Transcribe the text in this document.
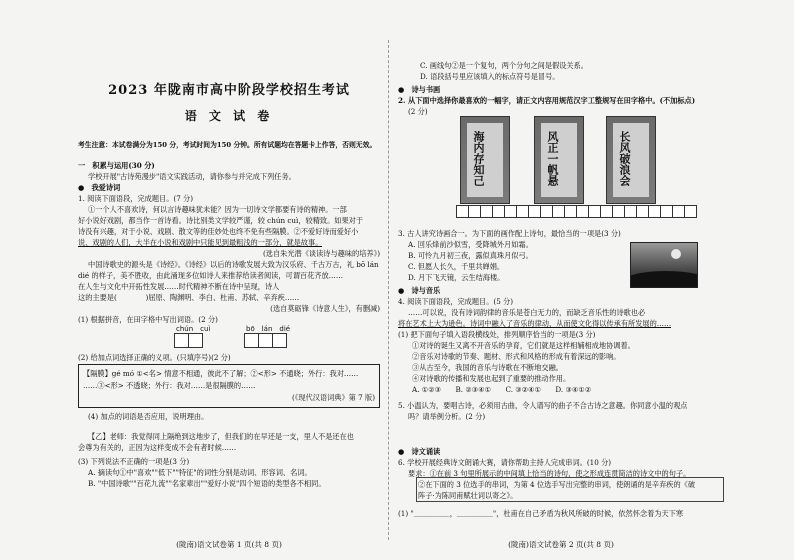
2023 年陇南市高中阶段学校招生考试
语 文 试 卷
考生注意：本试卷满分为150 分，考试时间为150 分钟。所有试题均在答题卡上作答，否则无效。
一　积累与运用(30 分)
学校开展"古诗苑漫步"语文实践活动，请你参与并完成下列任务。
●　我爱诗词
1. 阅读下面语段，完成题目。(7 分)
①一个人不喜欢诗，何以言诗趣味犹未能？因为一切诗文学都要有诗的精神。一部
好小说好戏剧，都当作一首诗看。诗比别类文学较严谨，较 chún cuì，较精致。如果对于
诗没有兴趣，对于小说、戏剧、散文等的佳妙处也终不免有些隔膜。②不爱好诗而爱好小
说、戏剧的人们，大半在小说和戏剧中只能见到最粗浅的一部分，就是故事。
(选自朱光潜《谈读诗与趣味的培养》)
中国诗歌史的源头是《诗经》。《诗经》以后的诗歌发展大致为汉乐府、千古万古，礼 bō lán
dié 的样子，美不胜收，由此涌现多位如诗人来推荐给读者阅读，可谓百花齐放……
在人生与文化中开拓性发展……时代精神不断在诗中呈现，诗人
这的主要是(　　　　)屈原、陶渊明、李白、杜甫、苏轼、辛弃疾……
(选自莫砺锋《诗意人生》，有删减)
(1) 根据拼音，在田字格中写出词语。(2 分)
chún　cuì	bō　lán　dié
(2) 给加点词选择正确的义项。(只填序号)(2 分)
【隔膜】gé mó ①<名> 情意不相通，彼此不了解；②<形> 不通晓；外行：我对……
……③<形> 不透晓；外行：我对……是很隔膜的……
(《现代汉语词典》第 7 版)
(4) 加点的词语是否应用，说明理由。
【乙】老师：我觉得同上隔绝到这地步了，但我们的在早还是一支，里人不是还在也
会尊为有关的，正因为这样变成不会有者时候……
(3) 下列说法不正确的一项是(3 分)
A. 摘读句①中"喜欢""低下""特征"的词性分别是动词、形容词、名词。
B. "中国诗歌""百花九流""名家辈出""爱好小说"四个短语的类型各不相同。
(陇南)语文试卷第 1 页(共 8 页)
C. 画线句②是一个复句，两个分句之间是假设关系。
D. 语段括号里应该填入的标点符号是冒号。
●　诗与书画
2. 从下面中选择你最喜欢的一幅字，请正文内容用规范汉字工整规写在田字格中。(不加标点)
(2 分)
海内存知己	风正一帆悬	长风破浪会
3. 古人讲究诗画合一。为下面的画作配上诗句，最恰当的一项是(3 分)
A. 回乐烽前沙似雪，受降城外月如霜。
B. 可怜九月初三夜，露似真珠月似弓。
C. 但愿人长久，千里共婵娟。
D. 月下飞天镜，云生结海楼。
●　诗与音乐
4. 阅读下面语段，完成题目。(5 分)
……可以说，没有诗词韵律的音乐是苍白无力的，而缺乏音乐性的诗歌也必
将在艺术上大为逊色。诗词中融入了音乐的律动，从而使文化得以传承有所发展的……
(1) 把下面句子填入语段横线处，排列顺序恰当的一项是(3 分)
①对诗的诞生又离不开音乐的孕育，它们就是这样相辅相成地协调着。
②音乐对诗歌的节奏、题材、形式和风格的形成有着深远的影响。
③从古至今，我国的音乐与诗歌在不断地交融。
④对诗歌的传播和发展也起到了重要的推动作用。
A. ①②③　　B. ②③④①　　C. ③②④①　　D. ③④①②
5. 小温认为，要唱古诗，必须用古曲，令人谱写的曲子不合古诗之意趣。你同意小温的观点
吗？请举例分析。(2 分)
●　诗文诵读
6. 学校开展经典诗文朗诵大赛，请你帮助主持人完成串词。(10 分)
要求：①在前 3 句里所展示的中间填上恰当的诗句，使之形成连贯简洁的诗文中的句子。
②在下面的 3 位选手的串词，为第 4 位选手写出完整的串词，使朗诵的是辛弃疾的《破
阵子·为陈同甫赋壮词以寄之》。
(1) "＿＿＿＿＿，＿＿＿＿＿"，杜甫在自己矛盾为秋风所破的时候，依然怀念着为天下寒
(陇南)语文试卷第 2 页(共 8 页)
